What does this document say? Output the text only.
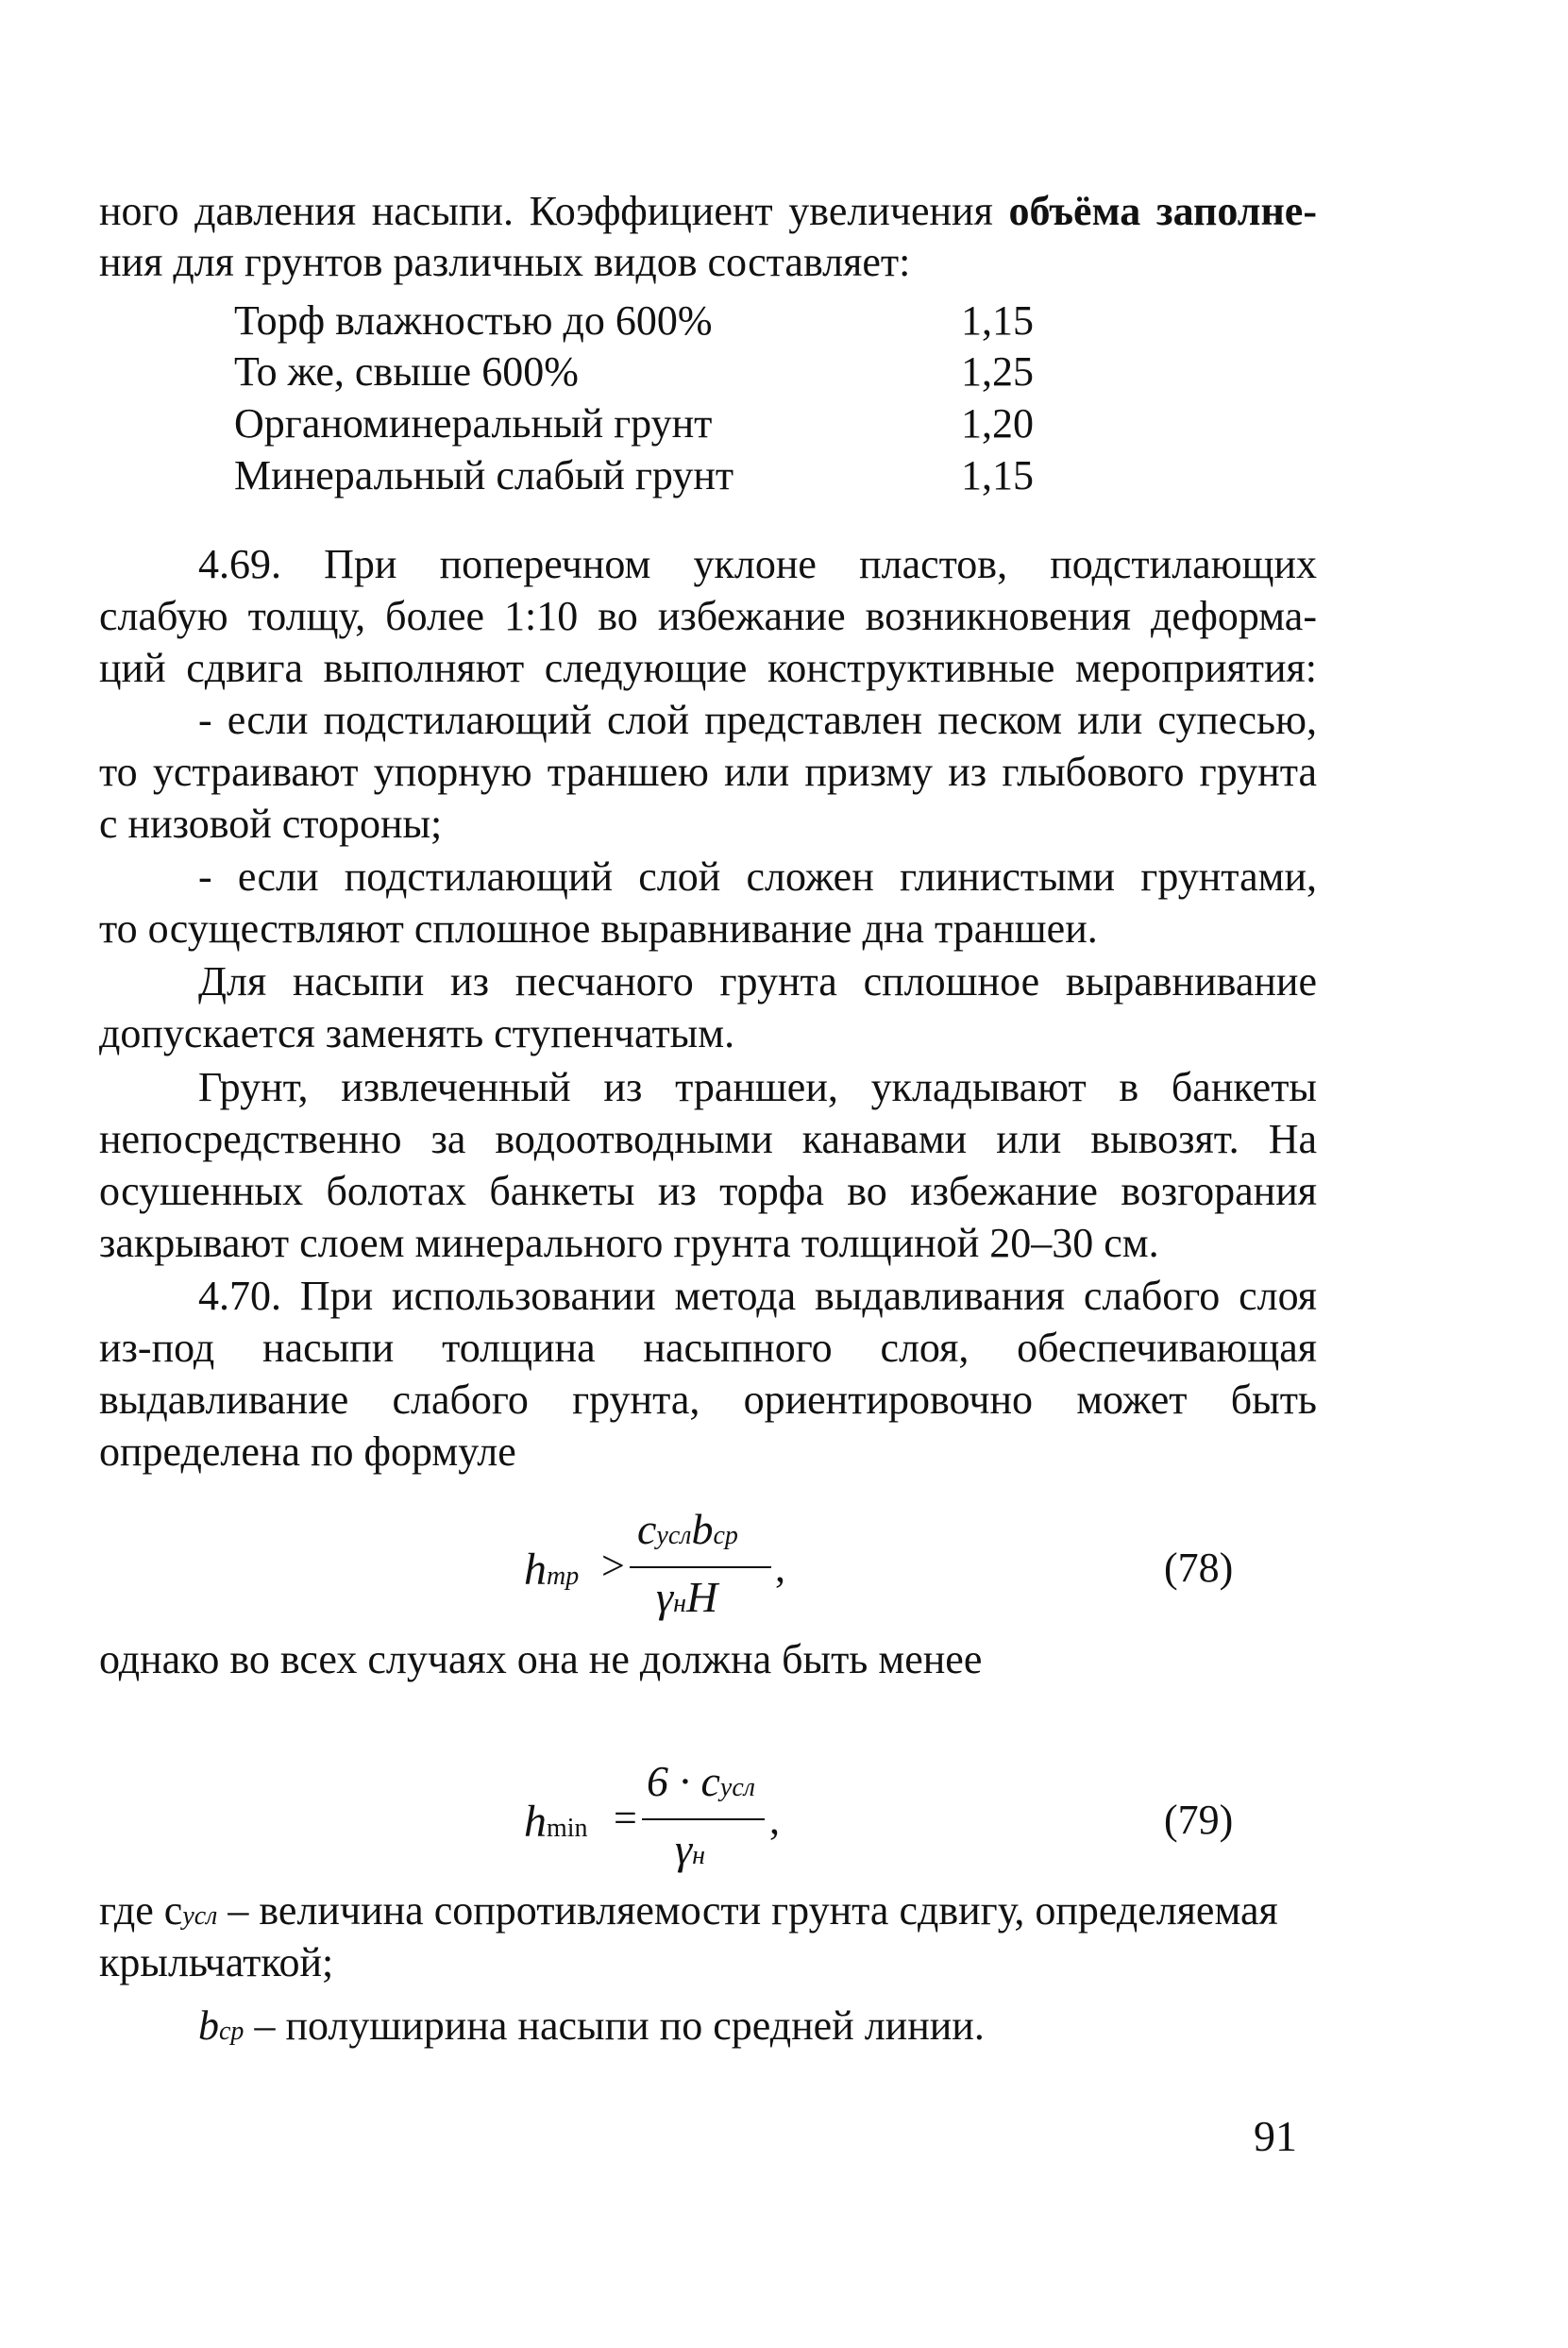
ного давления насыпи. Коэффициент увеличения объёма заполне-
ния для грунтов различных видов составляет:
Торф влажностью до 600%	1,15
То же, свыше 600%	1,25
Органоминеральный грунт	1,20
Минеральный слабый грунт	1,15
4.69. При поперечном уклоне пластов, подстилающих
слабую толщу, более 1:10 во избежание возникновения деформа-
ций сдвига выполняют следующие конструктивные мероприятия:
- если подстилающий слой представлен песком или супесью,
то устраивают упорную траншею или призму из глыбового грунта
с низовой стороны;
- если подстилающий слой сложен глинистыми грунтами,
то осуществляют сплошное выравнивание дна траншеи.
Для насыпи из песчаного грунта сплошное выравнивание
допускается заменять ступенчатым.
Грунт, извлеченный из траншеи, укладывают в банкеты
непосредственно за водоотводными канавами или вывозят. На
осушенных болотах банкеты из торфа во избежание возгорания
закрывают слоем минерального грунта толщиной 20–30 см.
4.70. При использовании метода выдавливания слабого слоя
из-под насыпи толщина насыпного слоя, обеспечивающая
выдавливание слабого грунта, ориентировочно может быть
определена по формуле
hтр >
cуслbср
γнH
,	(78)
однако во всех случаях она не должна быть менее
hmin =
6 · cусл
γн
,	(79)
где cусл – величина сопротивляемости грунта сдвигу, определяемая
крыльчаткой;
bср – полуширина насыпи по средней линии.
91
